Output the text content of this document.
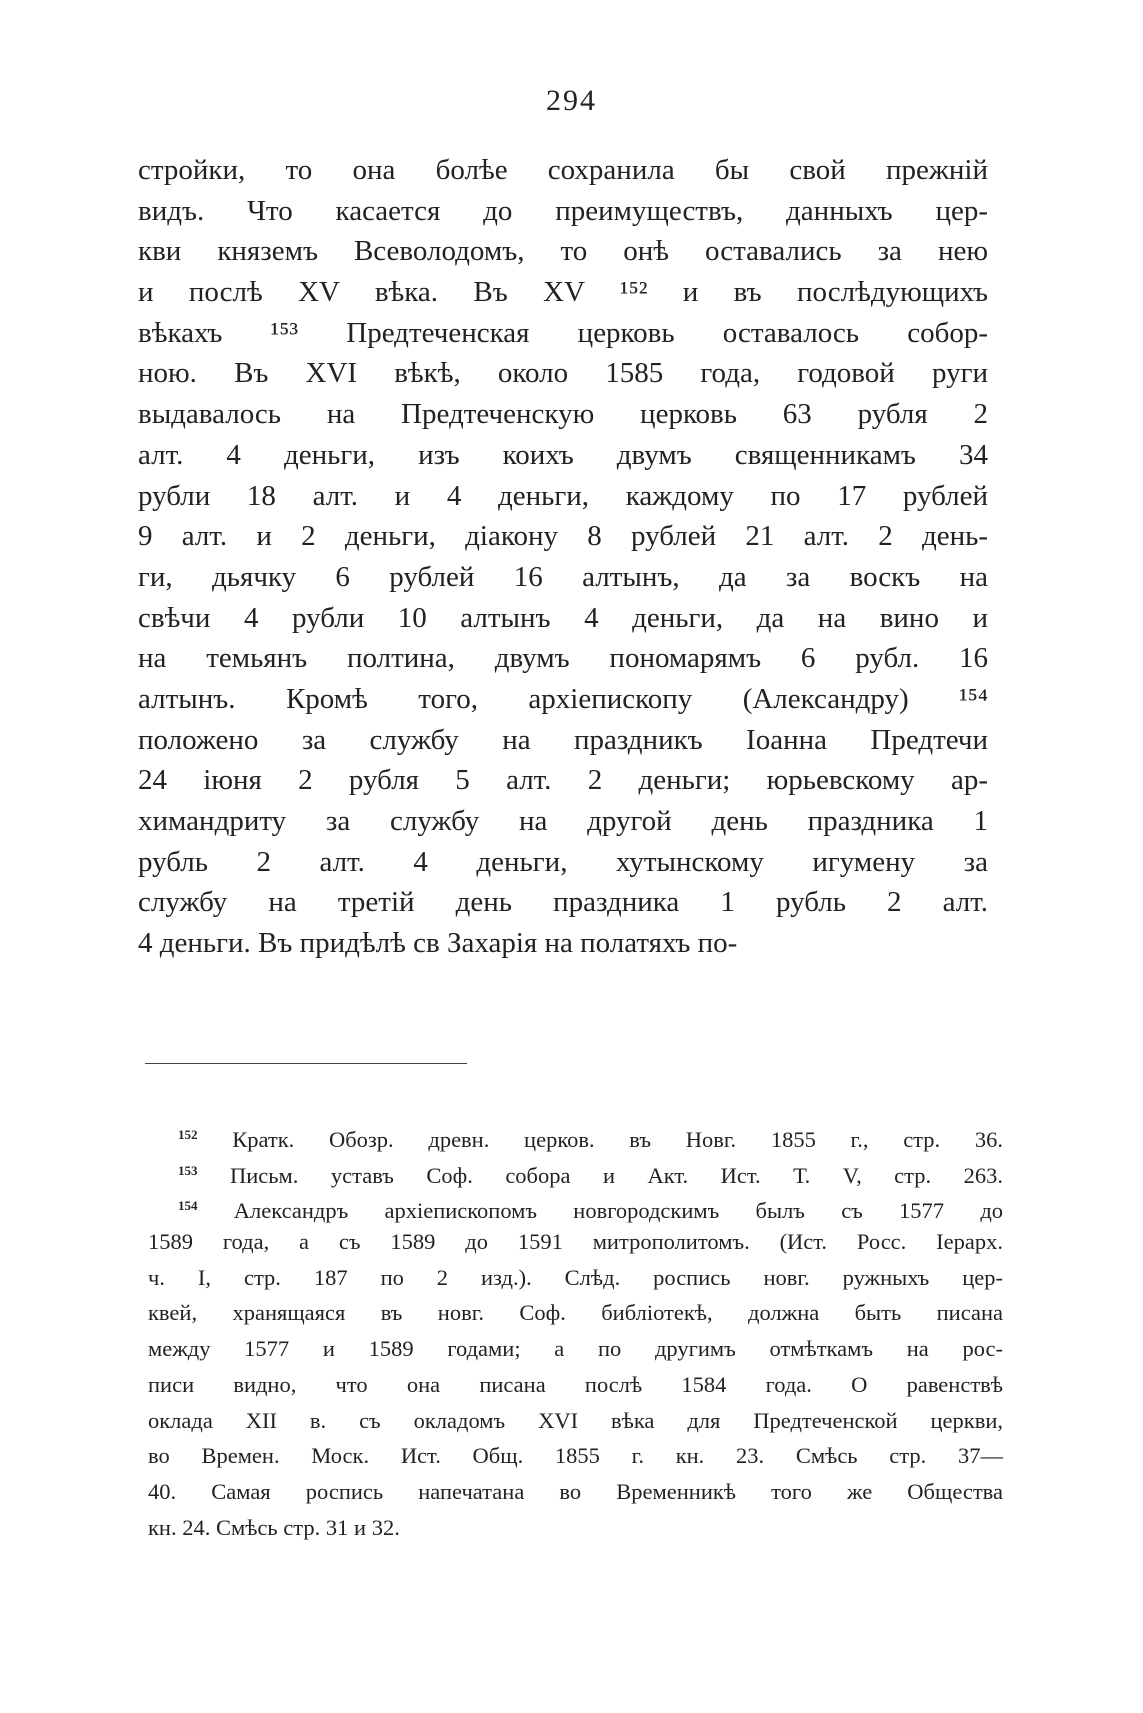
294
стройки, то она болѣе сохранила бы свой прежній
видъ. Что касается до преимуществъ, данныхъ цер-
кви княземъ Всеволодомъ, то онѣ оставались за нею
и послѣ XV вѣка. Въ XV ¹⁵² и въ послѣдующихъ
вѣкахъ ¹⁵³ Предтеченская церковь оставалось собор-
ною. Въ XVI вѣкѣ, около 1585 года, годовой руги
выдавалось на Предтеченскую церковь 63 рубля 2
алт. 4 деньги, изъ коихъ двумъ священникамъ 34
рубли 18 алт. и 4 деньги, каждому по 17 рублей
9 алт. и 2 деньги, діакону 8 рублей 21 алт. 2 день-
ги, дьячку 6 рублей 16 алтынъ, да за воскъ на
свѣчи 4 рубли 10 алтынъ 4 деньги, да на вино и
на темьянъ полтина, двумъ пономарямъ 6 рубл. 16
алтынъ. Кромѣ того, архіепископу (Александру) ¹⁵⁴
положено за службу на праздникъ Іоанна Предтечи
24 іюня 2 рубля 5 алт. 2 деньги; юрьевскому ар-
химандриту за службу на другой день праздника 1
рубль 2 алт. 4 деньги, хутынскому игумену за
службу на третій день праздника 1 рубль 2 алт.
4 деньги. Въ придѣлѣ св Захарія на полатяхъ по-
$^{152}$ Кратк. Обозр. древн. церков. въ Новг. 1855 г., стр. 36.
$^{153}$ Письм. уставъ Соф. собора и Акт. Ист. Т. V, стр. 263.
$^{154}$ Александръ архіепископомъ новгородскимъ былъ съ 1577 до
1589 года, а съ 1589 до 1591 митрополитомъ. (Ист. Росс. Іерарх.
ч. I, стр. 187 по 2 изд.). Слѣд. роспись новг. ружныхъ цер-
квей, хранящаяся въ новг. Соф. библіотекѣ, должна быть писана
между 1577 и 1589 годами; а по другимъ отмѣткамъ на рос-
писи видно, что она писана послѣ 1584 года. О равенствѣ
оклада XII в. съ окладомъ XVI вѣка для Предтеченской церкви,
во Времен. Моск. Ист. Общ. 1855 г. кн. 23. Смѣсь стр. 37—
40. Самая роспись напечатана во Временникѣ того же Общества
кн. 24. Смѣсь стр. 31 и 32.
